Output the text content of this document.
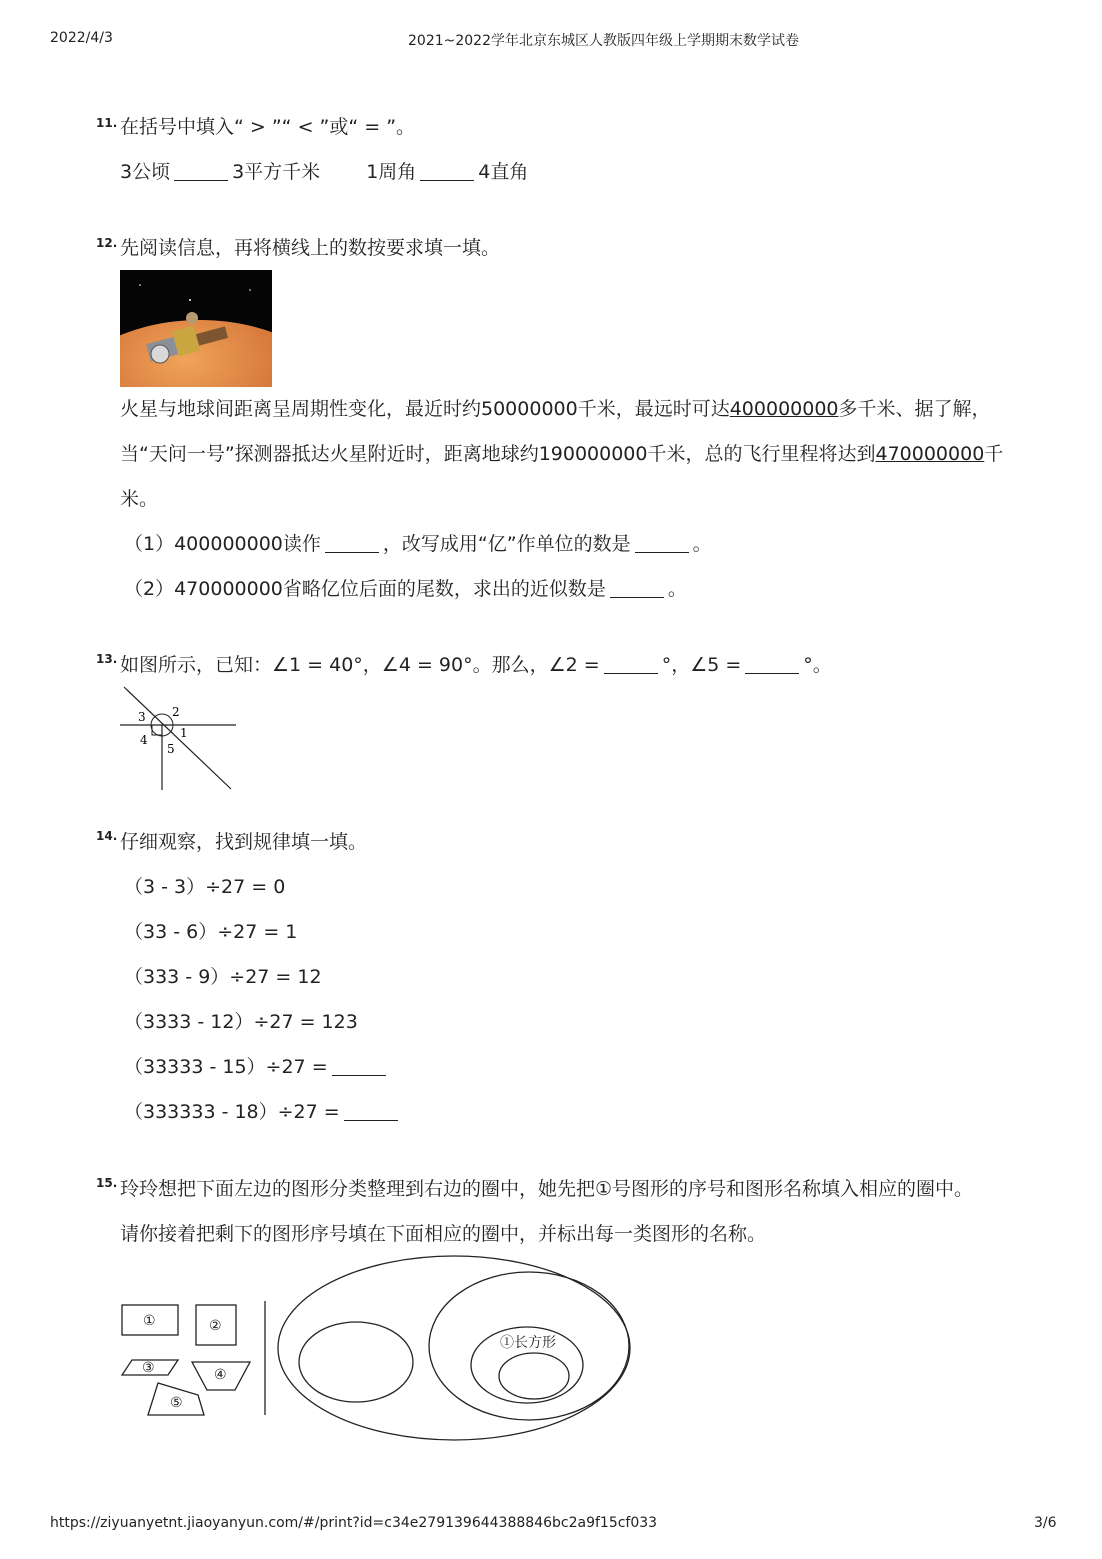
2022/4/3	2021~2022学年北京东城区人教版四年级上学期期末数学试卷
11. 在括号中填入“ > ”“ < ”或“ = ”。
3公顷	3平方千米 1周角	4直角
12. 先阅读信息，再将横线上的数按要求填一填。
火星与地球间距离呈周期性变化，最近时约50000000千米，最远时可达400000000多千米、据了解，
当“天问一号”探测器抵达火星附近时，距离地球约190000000千米，总的飞行里程将达到470000000千
米。
（1）400000000读作	，改写成用“亿”作单位的数是	。
（2）470000000省略亿位后面的尾数，求出的近似数是	。
13. 如图所示，已知：∠1 = 40°，∠4 = 90°。那么，∠2 =	°，∠5 =	°。
3 2
4	1
5
14. 仔细观察，找到规律填一填。
（3 - 3）÷27 = 0
（33 - 6）÷27 = 1
（333 - 9）÷27 = 12
（3333 - 12）÷27 = 123
（33333 - 15）÷27 =
（333333 - 18）÷27 =
15. 玲玲想把下面左边的图形分类整理到右边的圈中，她先把①号图形的序号和图形名称填入相应的圈中。
请你接着把剩下的图形序号填在下面相应的圈中，并标出每一类图形的名称。
①	②
③	④
⑤
①长方形
https://ziyuanyetnt.jiaoyanyun.com/#/print?id=c34e279139644388846bc2a9f15cf033	3/6
